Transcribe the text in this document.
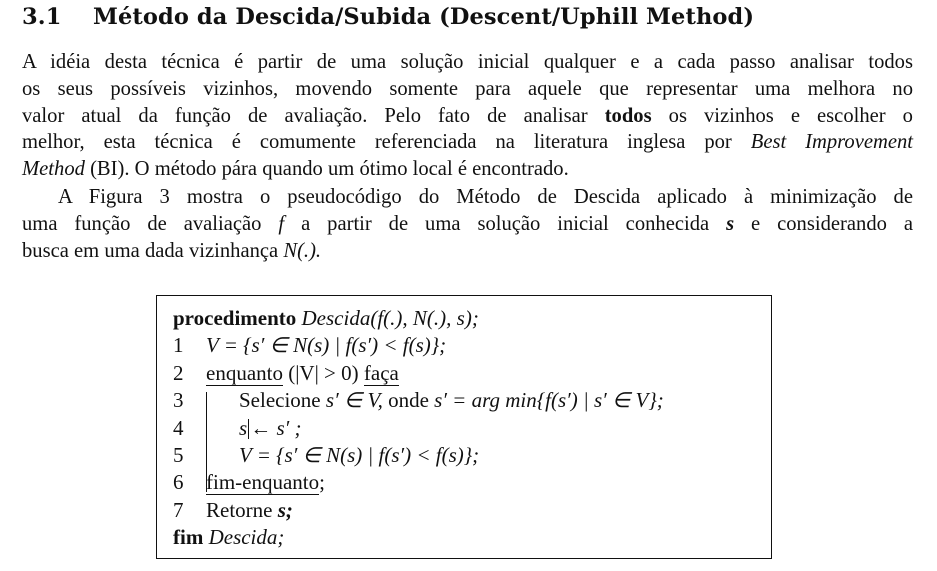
3.1 Método da Descida/Subida (Descent/Uphill Method)
A idéia desta técnica é partir de uma solução inicial qualquer e a cada passo analisar todos
os seus possíveis vizinhos, movendo somente para aquele que representar uma melhora no
valor atual da função de avaliação. Pelo fato de analisar todos os vizinhos e escolher o
melhor, esta técnica é comumente referenciada na literatura inglesa por Best Improvement
Method (BI). O método pára quando um ótimo local é encontrado.
A Figura 3 mostra o pseudocódigo do Método de Descida aplicado à minimização de
uma função de avaliação f a partir de uma solução inicial conhecida s e considerando a
busca em uma dada vizinhança N(.).
procedimento Descida(f(.), N(.), s);
1 V = {s′ ∈ N(s) | f(s′) < f(s)};
2 enquanto (|V| > 0) faça
3	Selecione s′ ∈ V, onde s′ = arg min{f(s′) | s′ ∈ V};
4	s ← s′ ;
5	V = {s′ ∈ N(s) | f(s′) < f(s)};
6 fim-enquanto;
7 Retorne s;
fim Descida;
